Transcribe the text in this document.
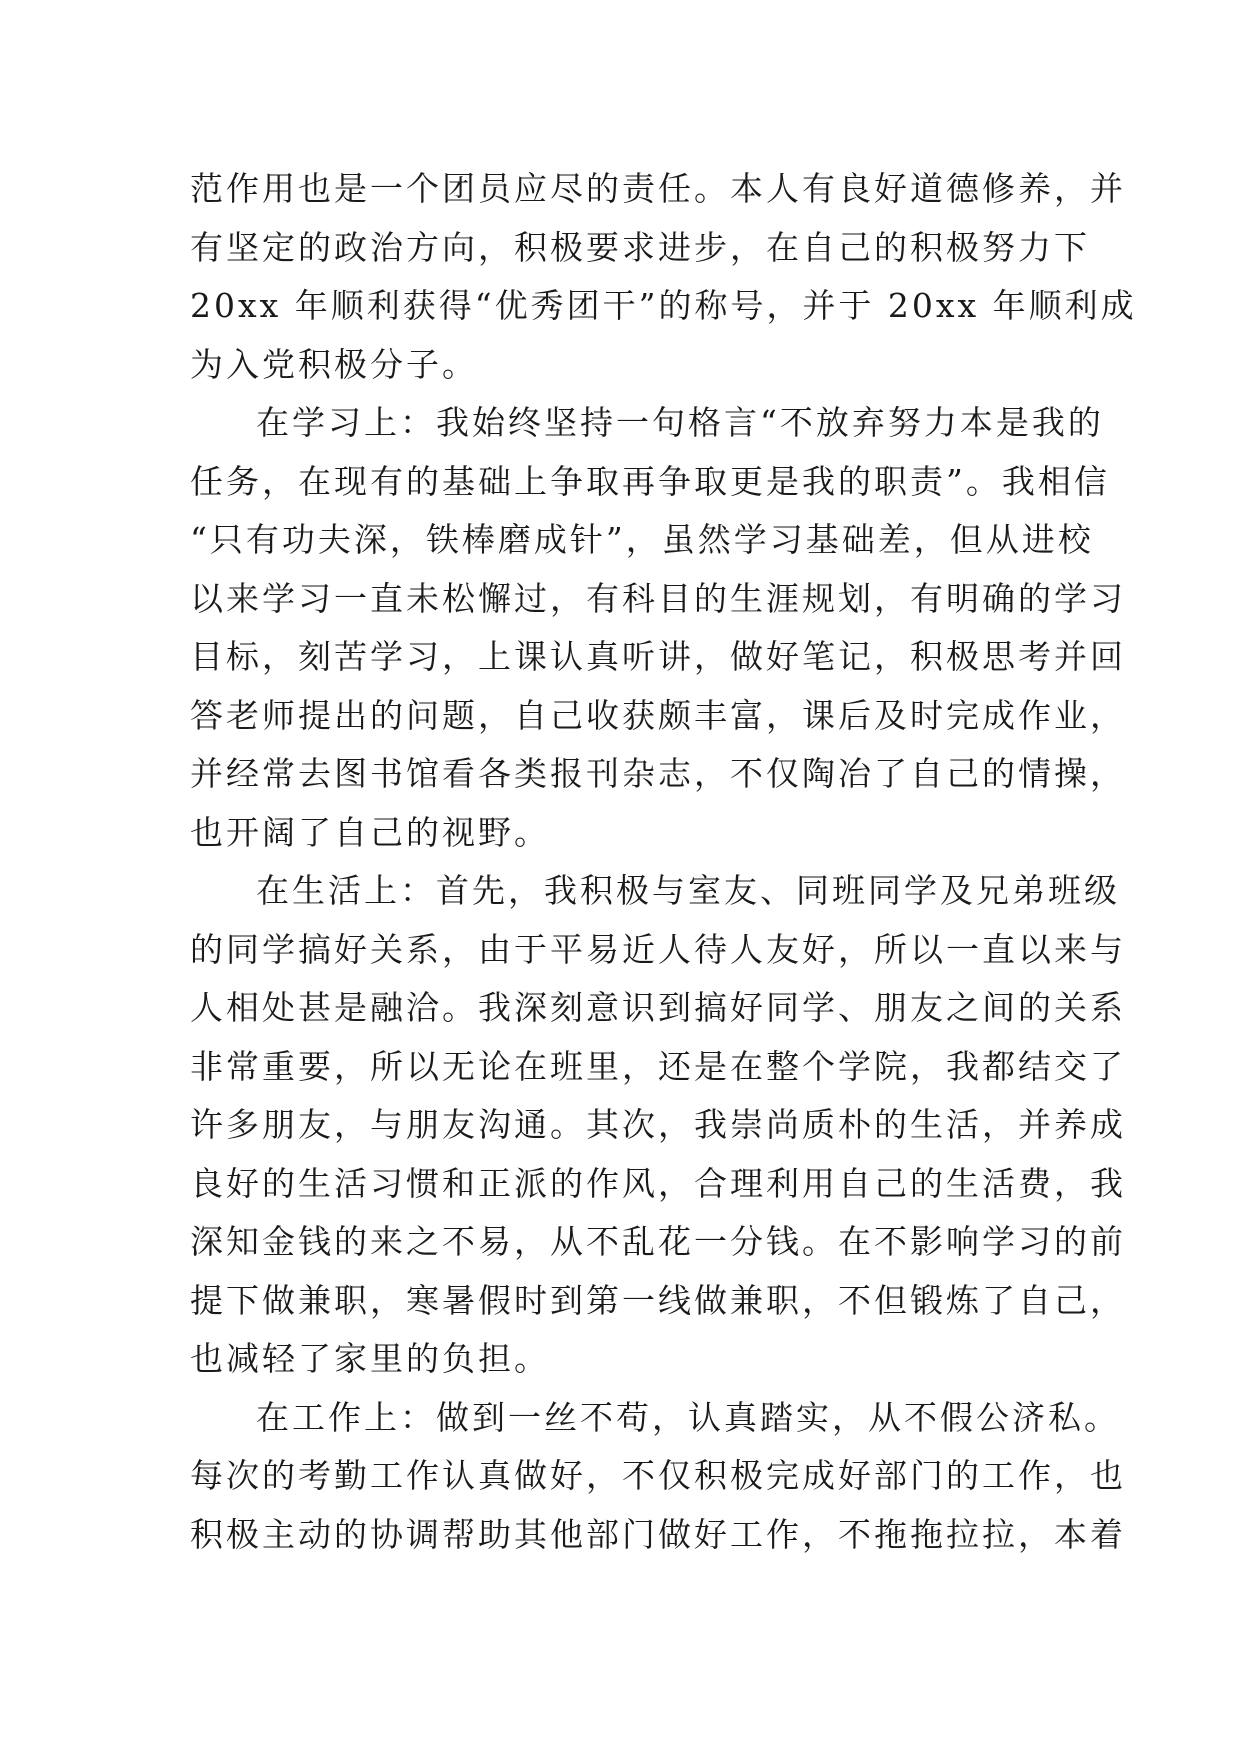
范作用也是一个团员应尽的责任。本人有良好道德修养，并
有坚定的政治方向，积极要求进步，在自己的积极努力下
20xx 年顺利获得“优秀团干”的称号，并于 20xx 年顺利成
为入党积极分子。
在学习上：我始终坚持一句格言“不放弃努力本是我的
任务，在现有的基础上争取再争取更是我的职责”。我相信
“只有功夫深，铁棒磨成针”，虽然学习基础差，但从进校
以来学习一直未松懈过，有科目的生涯规划，有明确的学习
目标，刻苦学习，上课认真听讲，做好笔记，积极思考并回
答老师提出的问题，自己收获颇丰富，课后及时完成作业，
并经常去图书馆看各类报刊杂志，不仅陶冶了自己的情操，
也开阔了自己的视野。
在生活上：首先，我积极与室友、同班同学及兄弟班级
的同学搞好关系，由于平易近人待人友好，所以一直以来与
人相处甚是融洽。我深刻意识到搞好同学、朋友之间的关系
非常重要，所以无论在班里，还是在整个学院，我都结交了
许多朋友，与朋友沟通。其次，我崇尚质朴的生活，并养成
良好的生活习惯和正派的作风，合理利用自己的生活费，我
深知金钱的来之不易，从不乱花一分钱。在不影响学习的前
提下做兼职，寒暑假时到第一线做兼职，不但锻炼了自己，
也减轻了家里的负担。
在工作上：做到一丝不苟，认真踏实，从不假公济私。
每次的考勤工作认真做好，不仅积极完成好部门的工作，也
积极主动的协调帮助其他部门做好工作，不拖拖拉拉，本着
